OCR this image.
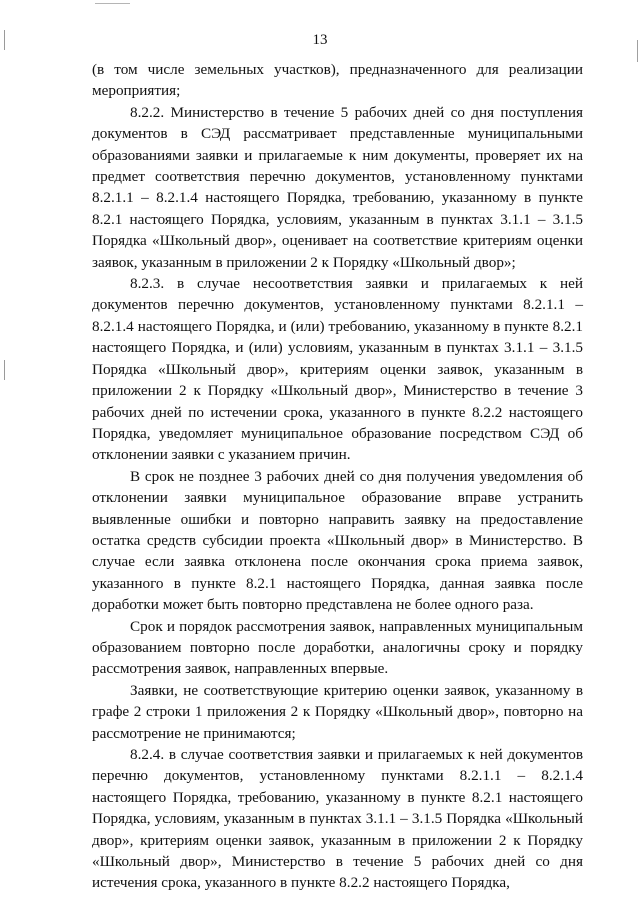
13

(в том числе земельных участков), предназначенного для реализации мероприятия;

8.2.2. Министерство в течение 5 рабочих дней со дня поступления документов в СЭД рассматривает представленные муниципальными образованиями заявки и прилагаемые к ним документы, проверяет их на предмет соответствия перечню документов, установленному пунктами 8.2.1.1 – 8.2.1.4 настоящего Порядка, требованию, указанному в пункте 8.2.1 настоящего Порядка, условиям, указанным в пунктах 3.1.1 – 3.1.5 Порядка «Школьный двор», оценивает на соответствие критериям оценки заявок, указанным в приложении 2 к Порядку «Школьный двор»;

8.2.3. в случае несоответствия заявки и прилагаемых к ней документов перечню документов, установленному пунктами 8.2.1.1 – 8.2.1.4 настоящего Порядка, и (или) требованию, указанному в пункте 8.2.1 настоящего Порядка, и (или) условиям, указанным в пунктах 3.1.1 – 3.1.5 Порядка «Школьный двор», критериям оценки заявок, указанным в приложении 2 к Порядку «Школьный двор», Министерство в течение 3 рабочих дней по истечении срока, указанного в пункте 8.2.2 настоящего Порядка, уведомляет муниципальное образование посредством СЭД об отклонении заявки с указанием причин.

В срок не позднее 3 рабочих дней со дня получения уведомления об отклонении заявки муниципальное образование вправе устранить выявленные ошибки и повторно направить заявку на предоставление остатка средств субсидии проекта «Школьный двор» в Министерство. В случае если заявка отклонена после окончания срока приема заявок, указанного в пункте 8.2.1 настоящего Порядка, данная заявка после доработки может быть повторно представлена не более одного раза.

Срок и порядок рассмотрения заявок, направленных муниципальным образованием повторно после доработки, аналогичны сроку и порядку рассмотрения заявок, направленных впервые.

Заявки, не соответствующие критерию оценки заявок, указанному в графе 2 строки 1 приложения 2 к Порядку «Школьный двор», повторно на рассмотрение не принимаются;

8.2.4. в случае соответствия заявки и прилагаемых к ней документов перечню документов, установленному пунктами 8.2.1.1 – 8.2.1.4 настоящего Порядка, требованию, указанному в пункте 8.2.1 настоящего Порядка, условиям, указанным в пунктах 3.1.1 – 3.1.5 Порядка «Школьный двор», критериям оценки заявок, указанным в приложении 2 к Порядку «Школьный двор», Министерство в течение 5 рабочих дней со дня истечения срока, указанного в пункте 8.2.2 настоящего Порядка,
